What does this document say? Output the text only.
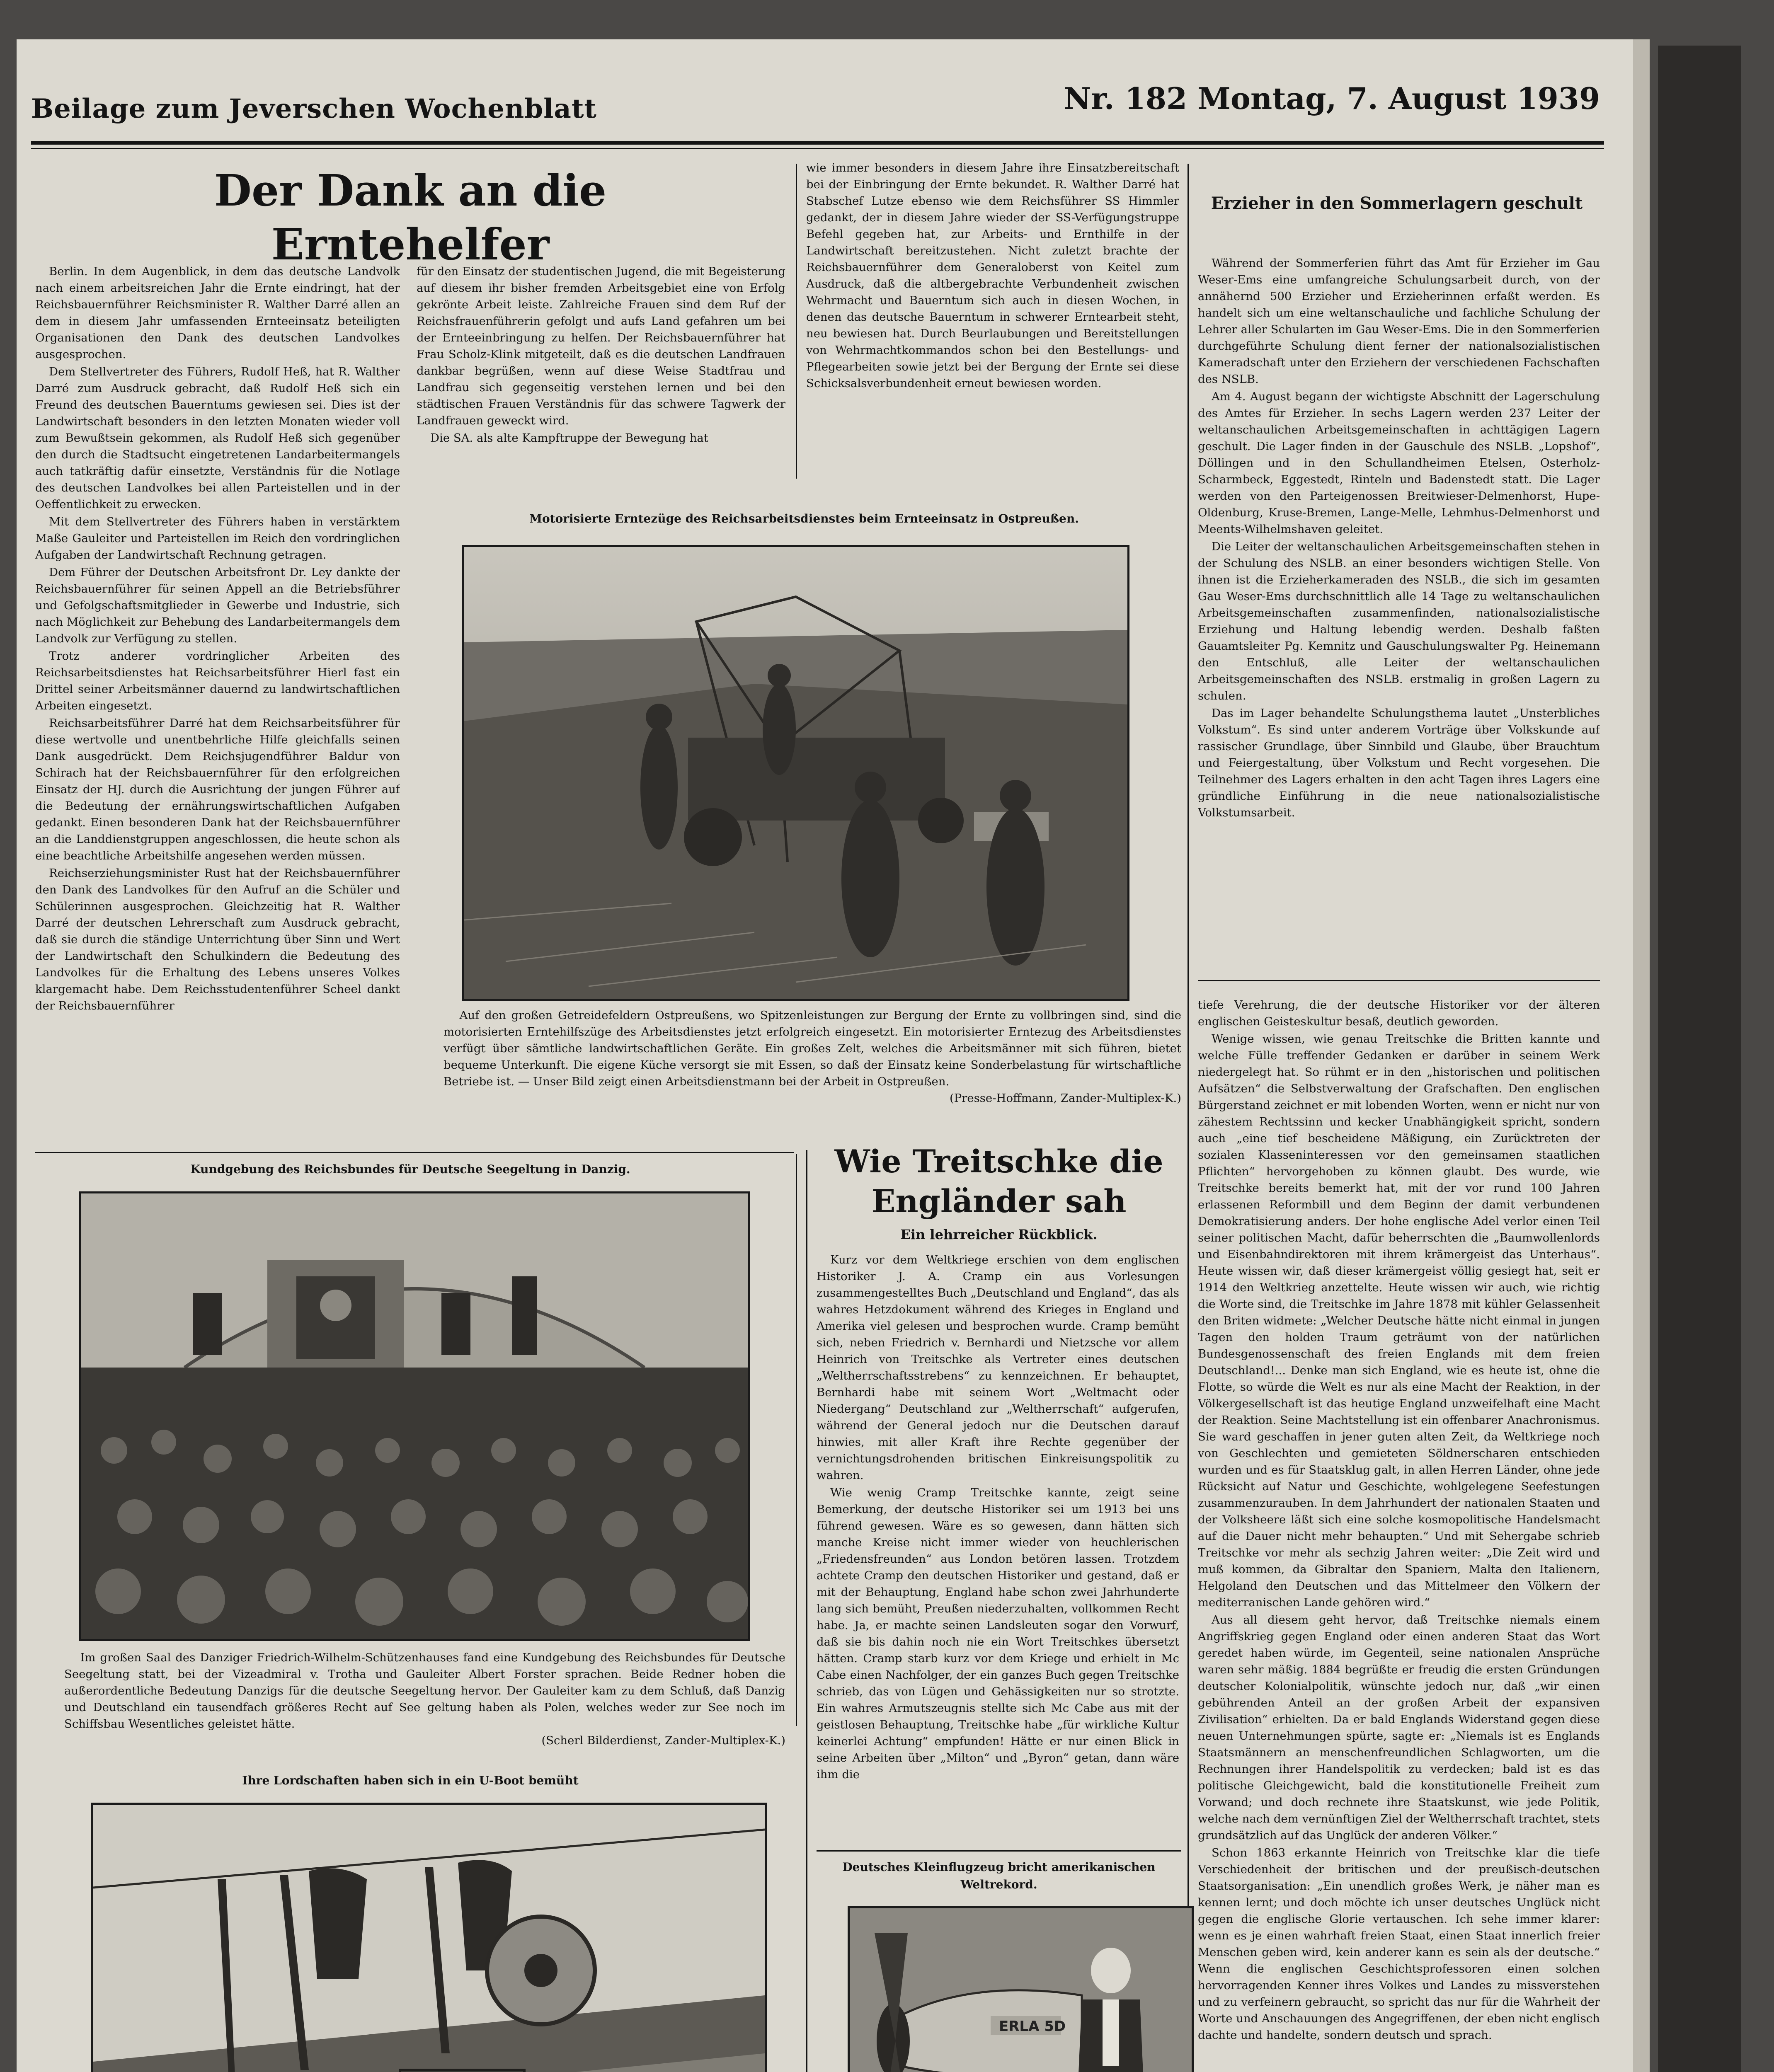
Beilage zum Jeverschen Wochenblatt	Nr. 182 Montag, 7. August 1939
Der Dank an die Erntehelfer

Berlin. In dem Augenblick, in dem das deutsche Landvolk nach einem arbeitsreichen Jahr die Ernte eindringt, hat der Reichsbauernführer Reichsminister R. Walther Darré allen an dem in diesem Jahr umfassenden Ernteeinsatz beteiligten Organisationen den Dank des deutschen Landvolkes ausgesprochen.

Dem Stellvertreter des Führers, Rudolf Heß, hat R. Walther Darré zum Ausdruck gebracht, daß Rudolf Heß sich ein Freund des deutschen Bauerntums gewiesen sei. Dies ist der Landwirtschaft besonders in den letzten Monaten wieder voll zum Bewußtsein gekommen, als Rudolf Heß sich gegenüber den durch die Stadtsucht eingetretenen Landarbeitermangels auch tatkräftig dafür einsetzte, Verständnis für die Notlage des deutschen Landvolkes bei allen Parteistellen und in der Oeffentlichkeit zu erwecken.

Mit dem Stellvertreter des Führers haben in verstärktem Maße Gauleiter und Parteistellen im Reich den vordringlichen Aufgaben der Landwirtschaft Rechnung getragen.

Dem Führer der Deutschen Arbeitsfront Dr. Ley dankte der Reichsbauernführer für seinen Appell an die Betriebsführer und Gefolgschaftsmitglieder in Gewerbe und Industrie, sich nach Möglichkeit zur Behebung des Landarbeitermangels dem Landvolk zur Verfügung zu stellen.

Trotz anderer vordringlicher Arbeiten des Reichsarbeitsdienstes hat Reichsarbeitsführer Hierl fast ein Drittel seiner Arbeitsmänner dauernd zu landwirtschaftlichen Arbeiten eingesetzt.

Reichsarbeitsführer Darré hat dem Reichsarbeitsführer für diese wertvolle und unentbehrliche Hilfe gleichfalls seinen Dank ausgedrückt. Dem Reichsjugendführer Baldur von Schirach hat der Reichsbauernführer für den erfolgreichen Einsatz der HJ. durch die Ausrichtung der jungen Führer auf die Bedeutung der ernährungswirtschaftlichen Aufgaben gedankt. Einen besonderen Dank hat der Reichsbauernführer an die Landdienstgruppen angeschlossen, die heute schon als eine beachtliche Arbeitshilfe angesehen werden müssen.

Reichserziehungsminister Rust hat der Reichsbauernführer den Dank des Landvolkes für den Aufruf an die Schüler und Schülerinnen ausgesprochen. Gleichzeitig hat R. Walther Darré der deutschen Lehrerschaft zum Ausdruck gebracht, daß sie durch die ständige Unterrichtung über Sinn und Wert der Landwirtschaft den Schulkindern die Bedeutung des Landvolkes für die Erhaltung des Lebens unseres Volkes klargemacht habe. Dem Reichsstudentenführer Scheel dankt der Reichsbauernführer

für den Einsatz der studentischen Jugend, die mit Begeisterung auf diesem ihr bisher fremden Arbeitsgebiet eine von Erfolg gekrönte Arbeit leiste. Zahlreiche Frauen sind dem Ruf der Reichsfrauenführerin gefolgt und aufs Land gefahren um bei der Ernteeinbringung zu helfen. Der Reichsbauernführer hat Frau Scholz-Klink mitgeteilt, daß es die deutschen Landfrauen dankbar begrüßen, wenn auf diese Weise Stadtfrau und Landfrau sich gegenseitig verstehen lernen und bei den städtischen Frauen Verständnis für das schwere Tagwerk der Landfrauen geweckt wird.

Die SA. als alte Kampftruppe der Bewegung hat

wie immer besonders in diesem Jahre ihre Einsatzbereitschaft bei der Einbringung der Ernte bekundet. R. Walther Darré hat Stabschef Lutze ebenso wie dem Reichsführer SS Himmler gedankt, der in diesem Jahre wieder der SS-Verfügungstruppe Befehl gegeben hat, zur Arbeits- und Ernthilfe in der Landwirtschaft bereitzustehen. Nicht zuletzt brachte der Reichsbauernführer dem Generaloberst von Keitel zum Ausdruck, daß die altbergebrachte Verbundenheit zwischen Wehrmacht und Bauerntum sich auch in diesen Wochen, in denen das deutsche Bauerntum in schwerer Erntearbeit steht, neu bewiesen hat. Durch Beurlaubungen und Bereitstellungen von Wehrmachtkommandos schon bei den Bestellungs- und Pflegearbeiten sowie jetzt bei der Bergung der Ernte sei diese Schicksalsverbundenheit erneut bewiesen worden.

Motorisierte Erntezüge des Reichsarbeitsdienstes beim Ernteeinsatz in Ostpreußen.

Auf den großen Getreidefeldern Ostpreußens, wo Spitzenleistungen zur Bergung der Ernte zu vollbringen sind, sind die motorisierten Erntehilfszüge des Arbeitsdienstes jetzt erfolgreich eingesetzt. Ein motorisierter Erntezug des Arbeitsdienstes verfügt über sämtliche landwirtschaftlichen Geräte. Ein großes Zelt, welches die Arbeitsmänner mit sich führen, bietet bequeme Unterkunft. Die eigene Küche versorgt sie mit Essen, so daß der Einsatz keine Sonderbelastung für wirtschaftliche Betriebe ist. — Unser Bild zeigt einen Arbeitsdienstmann bei der Arbeit in Ostpreußen.

(Presse-Hoffmann, Zander-Multiplex-K.)
Kundgebung des Reichsbundes für Deutsche Seegeltung in Danzig.

Im großen Saal des Danziger Friedrich-Wilhelm-Schützenhauses fand eine Kundgebung des Reichsbundes für Deutsche Seegeltung statt, bei der Vizeadmiral v. Trotha und Gauleiter Albert Forster sprachen. Beide Redner hoben die außerordentliche Bedeutung Danzigs für die deutsche Seegeltung hervor. Der Gauleiter kam zu dem Schluß, daß Danzig und Deutschland ein tausendfach größeres Recht auf See geltung haben als Polen, welches weder zur See noch im Schiffsbau Wesentliches geleistet hätte.

(Scherl Bilderdienst, Zander-Multiplex-K.)
Ihre Lordschaften haben sich in ein U-Boot bemüht

Wie Treitschke die Engländer sah
Ein lehrreicher Rückblick.

Kurz vor dem Weltkriege erschien von dem englischen Historiker J. A. Cramp ein aus Vorlesungen zusammengestelltes Buch „Deutschland und England“, das als wahres Hetzdokument während des Krieges in England und Amerika viel gelesen und besprochen wurde. Cramp bemüht sich, neben Friedrich v. Bernhardi und Nietzsche vor allem Heinrich von Treitschke als Vertreter eines deutschen „Weltherrschaftsstrebens“ zu kennzeichnen. Er behauptet, Bernhardi habe mit seinem Wort „Weltmacht oder Niedergang“ Deutschland zur „Weltherrschaft“ aufgerufen, während der General jedoch nur die Deutschen darauf hinwies, mit aller Kraft ihre Rechte gegenüber der vernichtungsdrohenden britischen Einkreisungspolitik zu wahren.

Wie wenig Cramp Treitschke kannte, zeigt seine Bemerkung, der deutsche Historiker sei um 1913 bei uns führend gewesen. Wäre es so gewesen, dann hätten sich manche Kreise nicht immer wieder von heuchlerischen „Friedensfreunden“ aus London betören lassen. Trotzdem achtete Cramp den deutschen Historiker und gestand, daß er mit der Behauptung, England habe schon zwei Jahrhunderte lang sich bemüht, Preußen niederzuhalten, vollkommen Recht habe. Ja, er machte seinen Landsleuten sogar den Vorwurf, daß sie bis dahin noch nie ein Wort Treitschkes übersetzt hätten. Cramp starb kurz vor dem Kriege und erhielt in Mc Cabe einen Nachfolger, der ein ganzes Buch gegen Treitschke schrieb, das von Lügen und Gehässigkeiten nur so strotzte. Ein wahres Armutszeugnis stellte sich Mc Cabe aus mit der geistlosen Behauptung, Treitschke habe „für wirkliche Kultur keinerlei Achtung“ empfunden! Hätte er nur einen Blick in seine Arbeiten über „Milton“ und „Byron“ getan, dann wäre ihm die

Deutsches Kleinflugzeug bricht amerikanischen Weltrekord.
ERLA 5D

Erzieher in den Sommerlagern geschult

Während der Sommerferien führt das Amt für Erzieher im Gau Weser-Ems eine umfangreiche Schulungsarbeit durch, von der annähernd 500 Erzieher und Erzieherinnen erfaßt werden. Es handelt sich um eine weltanschauliche und fachliche Schulung der Lehrer aller Schularten im Gau Weser-Ems. Die in den Sommerferien durchgeführte Schulung dient ferner der nationalsozialistischen Kameradschaft unter den Erziehern der verschiedenen Fachschaften des NSLB.

Am 4. August begann der wichtigste Abschnitt der Lagerschulung des Amtes für Erzieher. In sechs Lagern werden 237 Leiter der weltanschaulichen Arbeitsgemeinschaften in achttägigen Lagern geschult. Die Lager finden in der Gauschule des NSLB. „Lopshof“, Döllingen und in den Schullandheimen Etelsen, Osterholz-Scharmbeck, Eggestedt, Rinteln und Badenstedt statt. Die Lager werden von den Parteigenossen Breitwieser-Delmenhorst, Hupe-Oldenburg, Kruse-Bremen, Lange-Melle, Lehmhus-Delmenhorst und Meents-Wilhelmshaven geleitet.

Die Leiter der weltanschaulichen Arbeitsgemeinschaften stehen in der Schulung des NSLB. an einer besonders wichtigen Stelle. Von ihnen ist die Erzieherkameraden des NSLB., die sich im gesamten Gau Weser-Ems durchschnittlich alle 14 Tage zu weltanschaulichen Arbeitsgemeinschaften zusammenfinden, nationalsozialistische Erziehung und Haltung lebendig werden. Deshalb faßten Gauamtsleiter Pg. Kemnitz und Gauschulungswalter Pg. Heinemann den Entschluß, alle Leiter der weltanschaulichen Arbeitsgemeinschaften des NSLB. erstmalig in großen Lagern zu schulen.

Das im Lager behandelte Schulungsthema lautet „Unsterbliches Volkstum“. Es sind unter anderem Vorträge über Volkskunde auf rassischer Grundlage, über Sinnbild und Glaube, über Brauchtum und Feiergestaltung, über Volkstum und Recht vorgesehen. Die Teilnehmer des Lagers erhalten in den acht Tagen ihres Lagers eine gründliche Einführung in die neue nationalsozialistische Volkstumsarbeit.

tiefe Verehrung, die der deutsche Historiker vor der älteren englischen Geisteskultur besaß, deutlich geworden.

Wenige wissen, wie genau Treitschke die Britten kannte und welche Fülle treffender Gedanken er darüber in seinem Werk niedergelegt hat. So rühmt er in den „historischen und politischen Aufsätzen“ die Selbstverwaltung der Grafschaften. Den englischen Bürgerstand zeichnet er mit lobenden Worten, wenn er nicht nur von zähestem Rechtssinn und kecker Unabhängigkeit spricht, sondern auch „eine tief bescheidene Mäßigung, ein Zurücktreten der sozialen Klasseninteressen vor den gemeinsamen staatlichen Pflichten“ hervorgehoben zu können glaubt. Des wurde, wie Treitschke bereits bemerkt hat, mit der vor rund 100 Jahren erlassenen Reformbill und dem Beginn der damit verbundenen Demokratisierung anders. Der hohe englische Adel verlor einen Teil seiner politischen Macht, dafür beherrschten die „Baumwollenlords und Eisenbahndirektoren mit ihrem krämergeist das Unterhaus“. Heute wissen wir, daß dieser krämergeist völlig gesiegt hat, seit er 1914 den Weltkrieg anzettelte. Heute wissen wir auch, wie richtig die Worte sind, die Treitschke im Jahre 1878 mit kühler Gelassenheit den Briten widmete: „Welcher Deutsche hätte nicht einmal in jungen Tagen den holden Traum geträumt von der natürlichen Bundesgenossenschaft des freien Englands mit dem freien Deutschland!... Denke man sich England, wie es heute ist, ohne die Flotte, so würde die Welt es nur als eine Macht der Reaktion, in der Völkergesellschaft ist das heutige England unzweifelhaft eine Macht der Reaktion. Seine Machtstellung ist ein offenbarer Anachronismus. Sie ward geschaffen in jener guten alten Zeit, da Weltkriege noch von Geschlechten und gemieteten Söldnerscharen entschieden wurden und es für Staatsklug galt, in allen Herren Länder, ohne jede Rücksicht auf Natur und Geschichte, wohlgelegene Seefestungen zusammenzurauben. In dem Jahrhundert der nationalen Staaten und der Volksheere läßt sich eine solche kosmopolitische Handelsmacht auf die Dauer nicht mehr behaupten.“ Und mit Sehergabe schrieb Treitschke vor mehr als sechzig Jahren weiter: „Die Zeit wird und muß kommen, da Gibraltar den Spaniern, Malta den Italienern, Helgoland den Deutschen und das Mittelmeer den Völkern der mediterranischen Lande gehören wird.“

Aus all diesem geht hervor, daß Treitschke niemals einem Angriffskrieg gegen England oder einen anderen Staat das Wort geredet haben würde, im Gegenteil, seine nationalen Ansprüche waren sehr mäßig. 1884 begrüßte er freudig die ersten Gründungen deutscher Kolonialpolitik, wünschte jedoch nur, daß „wir einen gebührenden Anteil an der großen Arbeit der expansiven Zivilisation“ erhielten. Da er bald Englands Widerstand gegen diese neuen Unternehmungen spürte, sagte er: „Niemals ist es Englands Staatsmännern an menschenfreundlichen Schlagworten, um die Rechnungen ihrer Handelspolitik zu verdecken; bald ist es das politische Gleichgewicht, bald die konstitutionelle Freiheit zum Vorwand; und doch rechnete ihre Staatskunst, wie jede Politik, welche nach dem vernünftigen Ziel der Weltherrschaft trachtet, stets grundsätzlich auf das Unglück der anderen Völker.“

Schon 1863 erkannte Heinrich von Treitschke klar die tiefe Verschiedenheit der britischen und der preußisch-deutschen Staatsorganisation: „Ein unendlich großes Werk, je näher man es kennen lernt; und doch möchte ich unser deutsches Unglück nicht gegen die englische Glorie vertauschen. Ich sehe immer klarer: wenn es je einen wahrhaft freien Staat, einen Staat innerlich freier Menschen geben wird, kein anderer kann es sein als der deutsche.“ Wenn die englischen Geschichtsprofessoren einen solchen hervorragenden Kenner ihres Volkes und Landes zu missverstehen und zu verfeinern gebraucht, so spricht das nur für die Wahrheit der Worte und Anschauungen des Angegriffenen, der eben nicht englisch dachte und handelte, sondern deutsch und sprach.
